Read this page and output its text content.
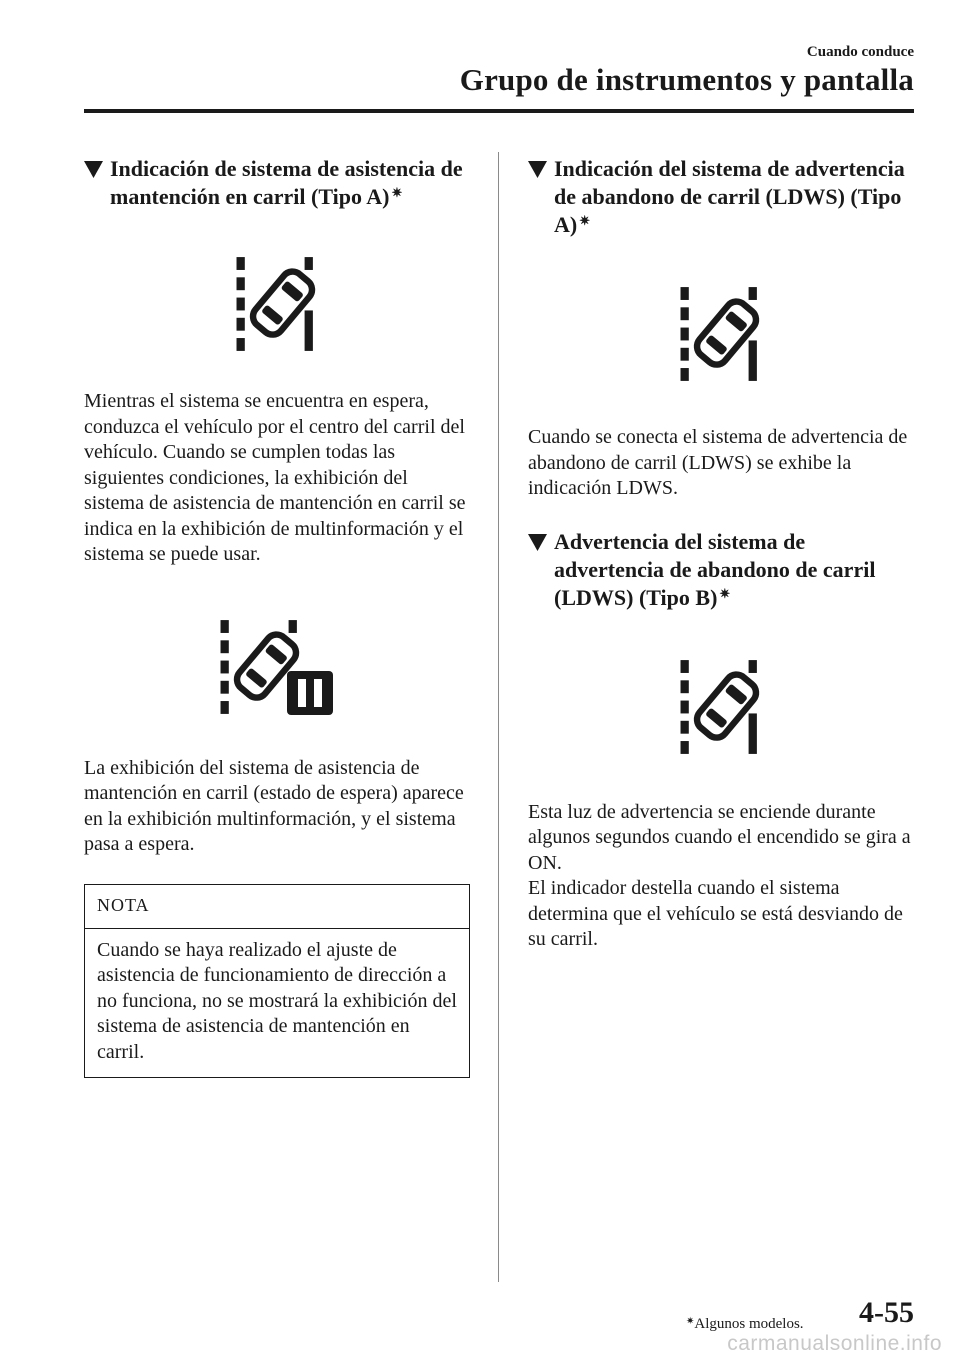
Cuando conduce
Grupo de instrumentos y pantalla
Indicación de sistema de asistencia de mantención en carril (Tipo A) ✷
Mientras el sistema se encuentra en espera, conduzca el vehículo por el centro del carril del vehículo. Cuando se cumplen todas las siguientes condiciones, la exhibición del sistema de asistencia de mantención en carril se indica en la exhibición de multinformación y el sistema se puede usar.
La exhibición del sistema de asistencia de mantención en carril (estado de espera) aparece en la exhibición multinformación, y el sistema pasa a espera.
NOTA
Cuando se haya realizado el ajuste de asistencia de funcionamiento de dirección a no funciona, no se mostrará la exhibición del sistema de asistencia de mantención en carril.
Indicación del sistema de advertencia de abandono de carril (LDWS) (Tipo A) ✷
Cuando se conecta el sistema de advertencia de abandono de carril (LDWS) se exhibe la indicación LDWS.
Advertencia del sistema de advertencia de abandono de carril (LDWS) (Tipo B) ✷
Esta luz de advertencia se enciende durante algunos segundos cuando el encendido se gira a ON.
El indicador destella cuando el sistema determina que el vehículo se está desviando de su carril.
✷Algunos modelos. 4-55
carmanualsonline.info
